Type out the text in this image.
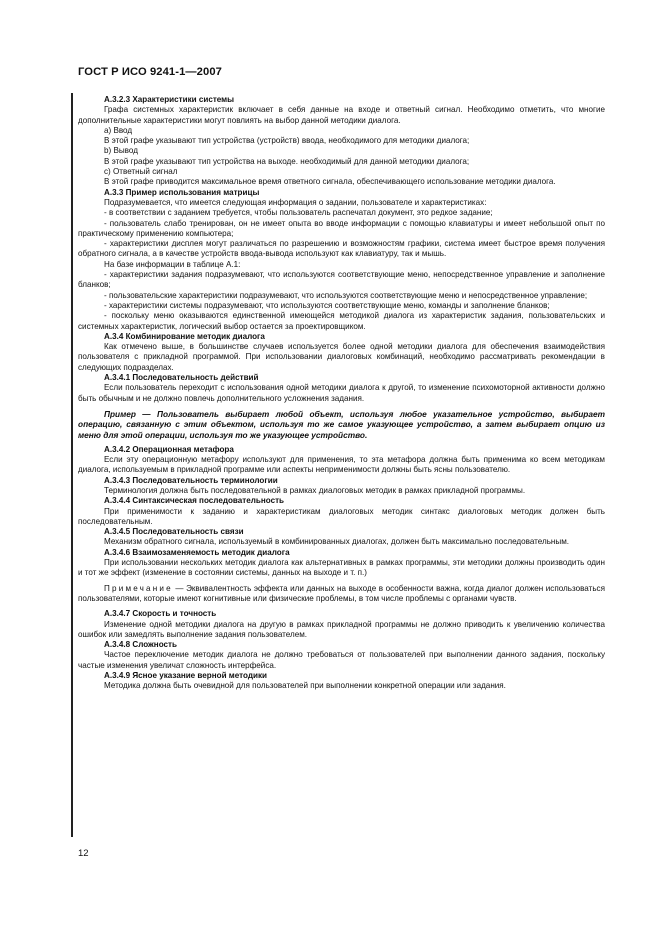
ГОСТ Р ИСО 9241-1—2007
А.3.2.3 Характеристики системы

Графа системных характеристик включает в себя данные на входе и ответный сигнал. Необходимо отметить, что многие дополнительные характеристики могут повлиять на выбор данной методики диалога.

а) Ввод

В этой графе указывают тип устройства (устройств) ввода, необходимого для методики диалога;

b) Вывод

В этой графе указывают тип устройства на выходе. необходимый для данной методики диалога;

с) Ответный сигнал

В этой графе приводится максимальное время ответного сигнала, обеспечивающего использование методики диалога.

А.3.3 Пример использования матрицы

Подразумевается, что имеется следующая информация о задании, пользователе и характеристиках:

- в соответствии с заданием требуется, чтобы пользователь распечатал документ, это редкое задание;

- пользователь слабо тренирован, он не имеет опыта во вводе информации с помощью клавиатуры и имеет небольшой опыт по практическому применению компьютера;

- характеристики дисплея могут различаться по разрешению и возможностям графики, система имеет быстрое время получения обратного сигнала, а в качестве устройств ввода-вывода используют как клавиатуру, так и мышь.

На базе информации в таблице А.1:

- характеристики задания подразумевают, что используются соответствующие меню, непосредственное управление и заполнение бланков;

- пользовательские характеристики подразумевают, что используются соответствующие меню и непосредственное управление;

- характеристики системы подразумевают, что используются соответствующие меню, команды и заполнение бланков;

- поскольку меню оказываются единственной имеющейся методикой диалога из характеристик задания, пользовательских и системных характеристик, логический выбор остается за проектировщиком.

А.3.4 Комбинирование методик диалога

Как отмечено выше, в большинстве случаев используется более одной методики диалога для обеспечения взаимодействия пользователя с прикладной программой. При использовании диалоговых комбинаций, необходимо рассматривать рекомендации в следующих подразделах.

А.3.4.1 Последовательность действий

Если пользователь переходит с использования одной методики диалога к другой, то изменение психомоторной активности должно быть обычным и не должно повлечь дополнительного усложнения задания.

Пример — Пользователь выбирает любой объект, используя любое указательное устройство, выбирает операцию, связанную с этим объектом, используя то же самое указующее устройство, а затем выбирает опцию из меню для этой операции, используя то же указующее устройство.

А.3.4.2 Операционная метафора

Если эту операционную метафору используют для применения, то эта метафора должна быть применима ко всем методикам диалога, используемым в прикладной программе или аспекты неприменимости должны быть ясны пользователю.

А.3.4.3 Последовательность терминологии

Терминология должна быть последовательной в рамках диалоговых методик в рамках прикладной программы.

А.3.4.4 Синтаксическая последовательность

При применимости к заданию и характеристикам диалоговых методик синтакс диалоговых методик должен быть последовательным.

А.3.4.5 Последовательность связи

Механизм обратного сигнала, используемый в комбинированных диалогах, должен быть максимально последовательным.

А.3.4.6 Взаимозаменяемость методик диалога

При использовании нескольких методик диалога как альтернативных в рамках программы, эти методики должны производить один и тот же эффект (изменение в состоянии системы, данных на выходе и т. п.)

Примечание — Эквивалентность эффекта или данных на выходе в особенности важна, когда диалог должен использоваться пользователями, которые имеют когнитивные или физические проблемы, в том числе проблемы с органами чувств.

А.3.4.7 Скорость и точность

Изменение одной методики диалога на другую в рамках прикладной программы не должно приводить к увеличению количества ошибок или замедлять выполнение задания пользователем.

А.3.4.8 Сложность

Частое переключение методик диалога не должно требоваться от пользователей при выполнении данного задания, поскольку частые изменения увеличат сложность интерфейса.

А.3.4.9 Ясное указание верной методики

Методика должна быть очевидной для пользователей при выполнении конкретной операции или задания.

12
